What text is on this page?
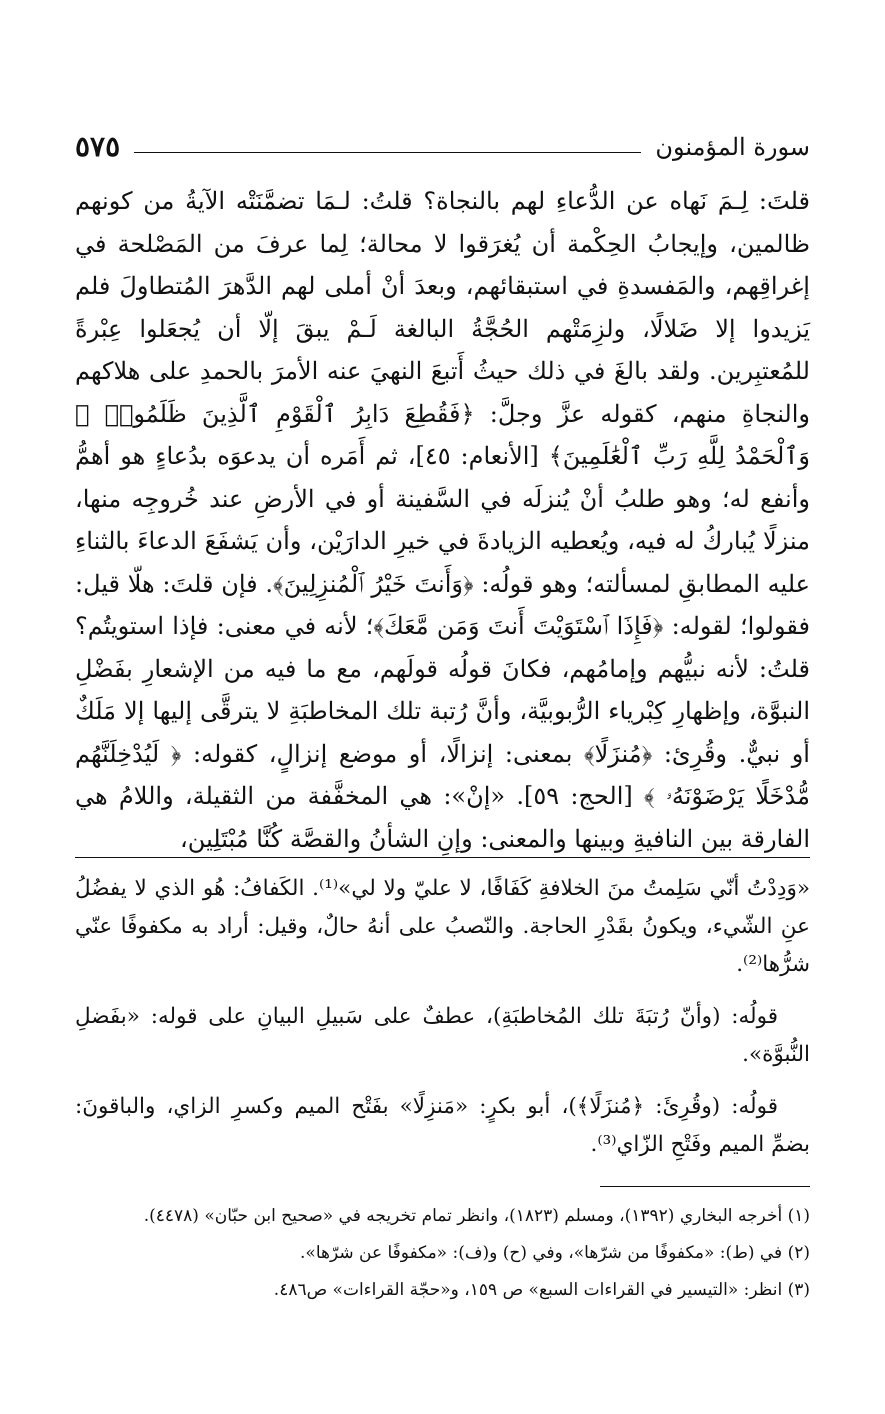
سورة المؤمنون
٥٧٥

قلتَ: لِـمَ نَهاه عن الدُّعاءِ لهم بالنجاة؟ قلتُ: لـمَا تضمَّنَتْه الآيةُ من كونهم ظالمين، وإيجابُ الحِكْمة أن يُغرَقوا لا محالة؛ لِما عرفَ من المَصْلحة في إغراقِهم، والمَفسدةِ في استبقائهم، وبعدَ أنْ أملى لهم الدَّهرَ المُتطاولَ فلم يَزيدوا إلا ضَلالًا، ولزِمَتْهم الحُجَّةُ البالغة لَـمْ يبقَ إلّا أن يُجعَلوا عِبْرةً للمُعتبِرين. ولقد بالغَ في ذلك حيثُ أَتبعَ النهيَ عنه الأمرَ بالحمدِ على هلاكهم والنجاةِ منهم، كقوله عزَّ وجلَّ: ﴿فَقُطِعَ دَابِرُ ٱلْقَوْمِ ٱلَّذِينَ ظَلَمُوا۟ ۚ وَٱلْحَمْدُ لِلَّهِ رَبِّ ٱلْعَٰلَمِينَ﴾ [الأنعام: ٤٥]، ثم أَمَره أن يدعوَه بدُعاءٍ هو أهمُّ وأنفع له؛ وهو طلبُ أنْ يُنزلَه في السَّفينة أو في الأرضِ عند خُروجِه منها، منزلًا يُباركُ له فيه، ويُعطيه الزيادةَ في خيرِ الدارَيْن، وأن يَشفَعَ الدعاءَ بالثناءِ عليه المطابقِ لمسألته؛ وهو قولُه: ﴿وَأَنتَ خَيْرُ ٱلْمُنزِلِينَ﴾. فإن قلتَ: هلّا قيل: فقولوا؛ لقوله: ﴿فَإِذَا ٱسْتَوَيْتَ أَنتَ وَمَن مَّعَكَ﴾؛ لأنه في معنى: فإذا استويتُم؟ قلتُ: لأنه نبيُّهم وإمامُهم، فكانَ قولُه قولَهم، مع ما فيه من الإشعارِ بفَضْلِ النبوَّة، وإظهارِ كِبْرياء الرُّبوبيَّة، وأنَّ رُتبة تلك المخاطبَةِ لا يترقَّى إليها إلا مَلَكٌ أو نبيٌّ. وقُرِئ: ﴿مُنزَلًا﴾ بمعنى: إنزالًا، أو موضع إنزالٍ، كقوله: ﴿ لَيُدْخِلَنَّهُم مُّدْخَلًا يَرْضَوْنَهُۥ ﴾ [الحج: ٥٩]. «إنْ»: هي المخفَّفة من الثقيلة، واللامُ هي الفارقة بين النافيةِ وبينها والمعنى: وإنِ الشأنُ والقصَّة كُنَّا مُبْتَلِين،

«وَدِدْتُ أنّي سَلِمتُ منَ الخلافةِ كَفَافًا، لا عليّ ولا لي»⁽¹⁾. الكَفافُ: هُو الذي لا يفضُلُ عنِ الشّيء، ويكونُ بقَدْرِ الحاجة. والنّصبُ على أنهُ حالٌ، وقيل: أراد به مكفوفًا عنّي شرُّها⁽²⁾.

قولُه: (وأنّ رُتبَةَ تلك المُخاطبَةِ)، عطفٌ على سَبيلِ البيانِ على قوله: «بفَضلِ النُّبوَّة».

قولُه: (وقُرِئَ: ﴿مُنزَلًا﴾)، أبو بكرٍ: «مَنزِلًا» بفَتْح الميم وكسرِ الزاي، والباقونَ: بضمِّ الميم وفَتْحِ الزّاي⁽³⁾.

(١) أخرجه البخاري (١٣٩٢)، ومسلم (١٨٢٣)، وانظر تمام تخريجه في «صحيح ابن حبّان» (٤٤٧٨).
(٢) في (ط): «مكفوفًا من شرّها»، وفي (ح) و(ف): «مكفوفًا عن شرّها».
(٣) انظر: «التيسير في القراءات السبع» ص ١٥٩، و«حجّة القراءات» ص٤٨٦.
